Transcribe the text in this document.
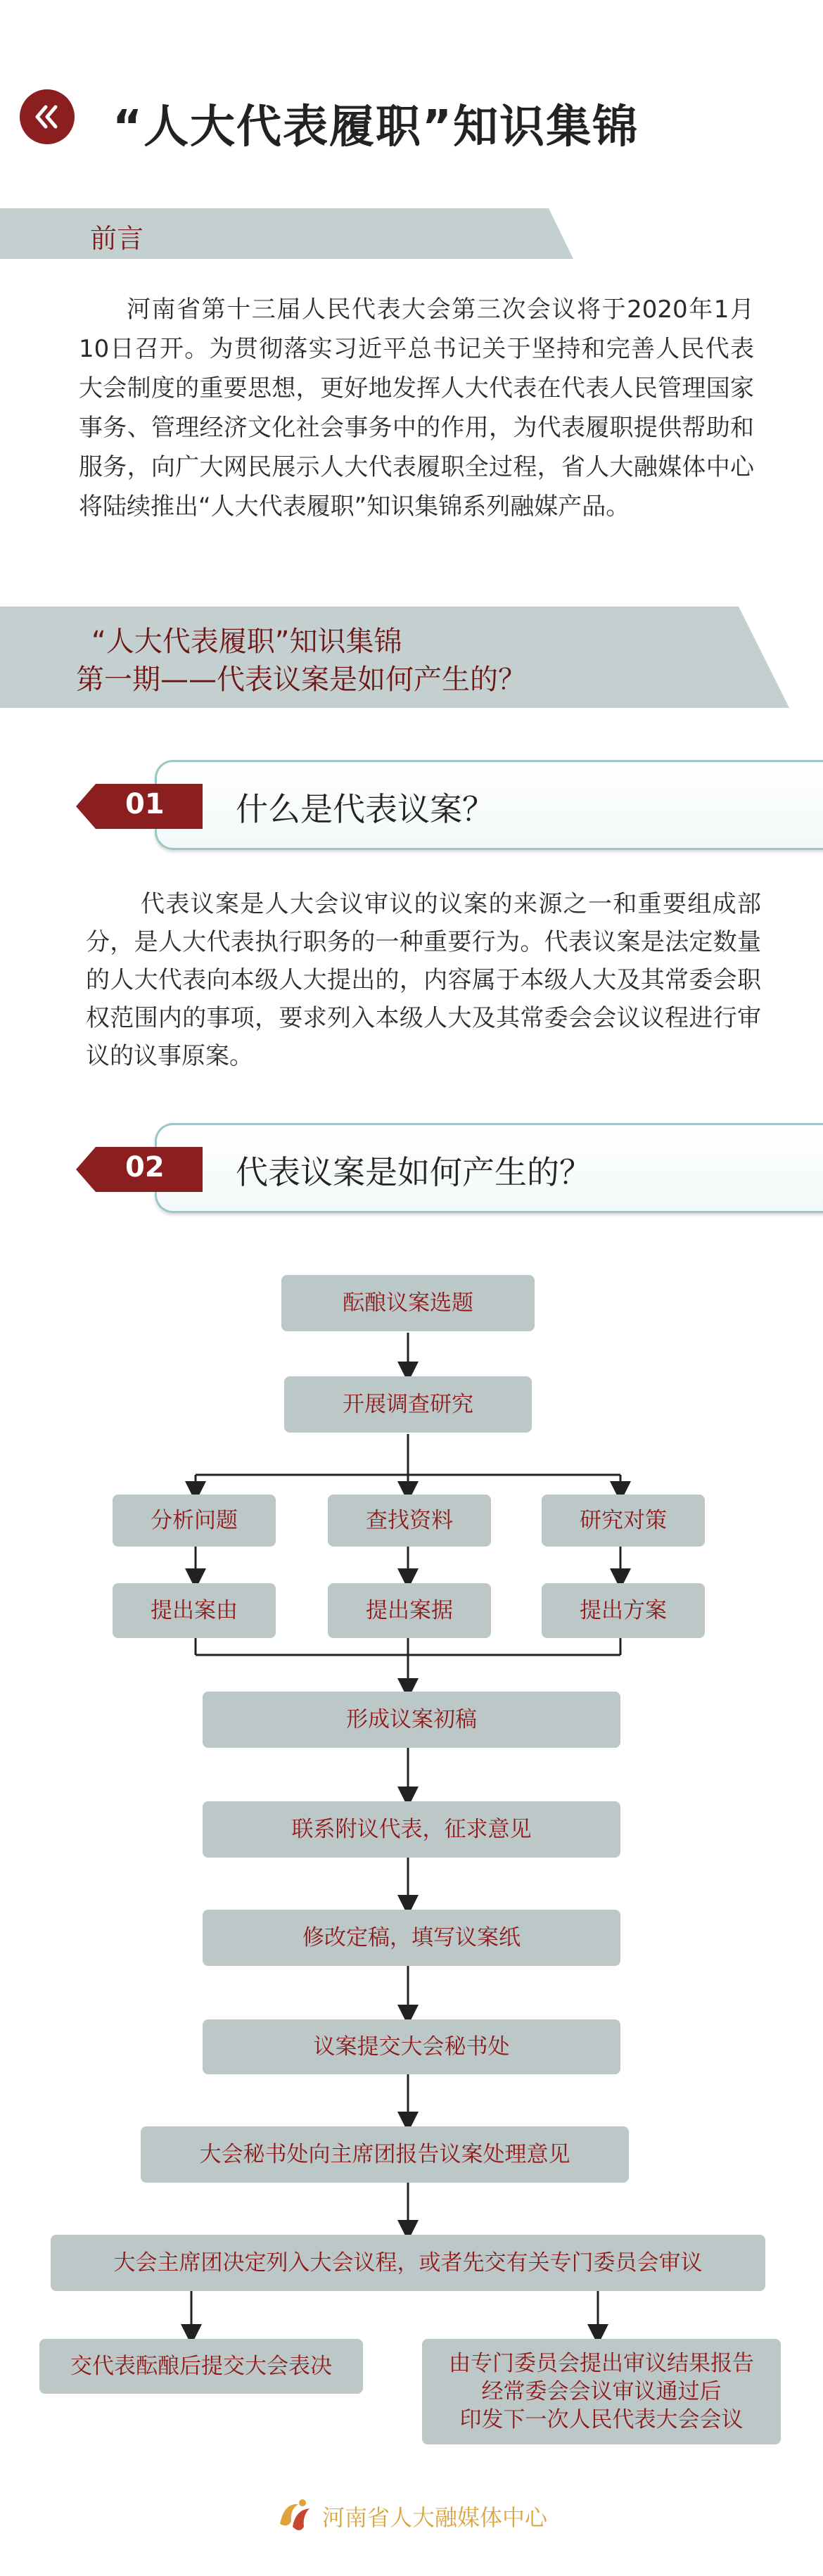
“人大代表履职”知识集锦
前言
河南省第十三届人民代表大会第三次会议将于2020年1月10日召开。为贯彻落实习近平总书记关于坚持和完善人民代表大会制度的重要思想，更好地发挥人大代表在代表人民管理国家事务、管理经济文化社会事务中的作用，为代表履职提供帮助和服务，向广大网民展示人大代表履职全过程，省人大融媒体中心将陆续推出“人大代表履职”知识集锦系列融媒产品。
“人大代表履职”知识集锦
第一期——代表议案是如何产生的？
01 什么是代表议案？
代表议案是人大会议审议的议案的来源之一和重要组成部分，是人大代表执行职务的一种重要行为。代表议案是法定数量的人大代表向本级人大提出的，内容属于本级人大及其常委会职权范围内的事项，要求列入本级人大及其常委会会议议程进行审议的议事原案。
02 代表议案是如何产生的？
酝酿议案选题
开展调查研究
分析问题	查找资料	研究对策
提出案由	提出案据	提出方案
形成议案初稿
联系附议代表，征求意见
修改定稿，填写议案纸
议案提交大会秘书处
大会秘书处向主席团报告议案处理意见
大会主席团决定列入大会议程，或者先交有关专门委员会审议
交代表酝酿后提交大会表决	由专门委员会提出审议结果报告
经常委会会议审议通过后
印发下一次人民代表大会会议
河南省人大融媒体中心
